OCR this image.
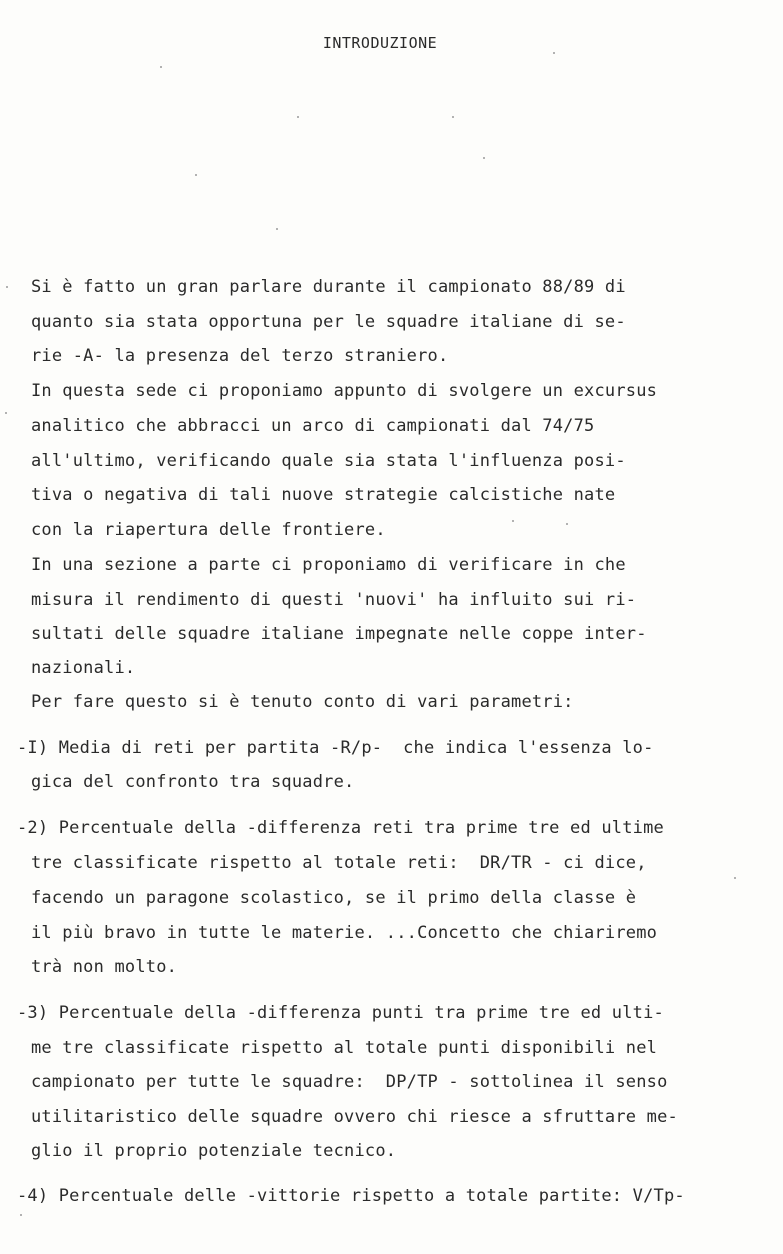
INTRODUZIONE
Si è fatto un gran parlare durante il campionato 88/89 di
quanto sia stata opportuna per le squadre italiane di se-
rie -A- la presenza del terzo straniero.
In questa sede ci proponiamo appunto di svolgere un excursus
analitico che abbracci un arco di campionati dal 74/75
all'ultimo, verificando quale sia stata l'influenza posi-
tiva o negativa di tali nuove strategie calcistiche nate
con la riapertura delle frontiere.
In una sezione a parte ci proponiamo di verificare in che
misura il rendimento di questi 'nuovi' ha influito sui ri-
sultati delle squadre italiane impegnate nelle coppe inter-
nazionali.
Per fare questo si è tenuto conto di vari parametri:
-I) Media di reti per partita -R/p-  che indica l'essenza lo-
gica del confronto tra squadre.
-2) Percentuale della -differenza reti tra prime tre ed ultime
tre classificate rispetto al totale reti:  DR/TR - ci dice,
facendo un paragone scolastico, se il primo della classe è
il più bravo in tutte le materie. ...Concetto che chiariremo
trà non molto.
-3) Percentuale della -differenza punti tra prime tre ed ulti-
me tre classificate rispetto al totale punti disponibili nel
campionato per tutte le squadre:  DP/TP - sottolinea il senso
utilitaristico delle squadre ovvero chi riesce a sfruttare me-
glio il proprio potenziale tecnico.
-4) Percentuale delle -vittorie rispetto a totale partite: V/Tp-
